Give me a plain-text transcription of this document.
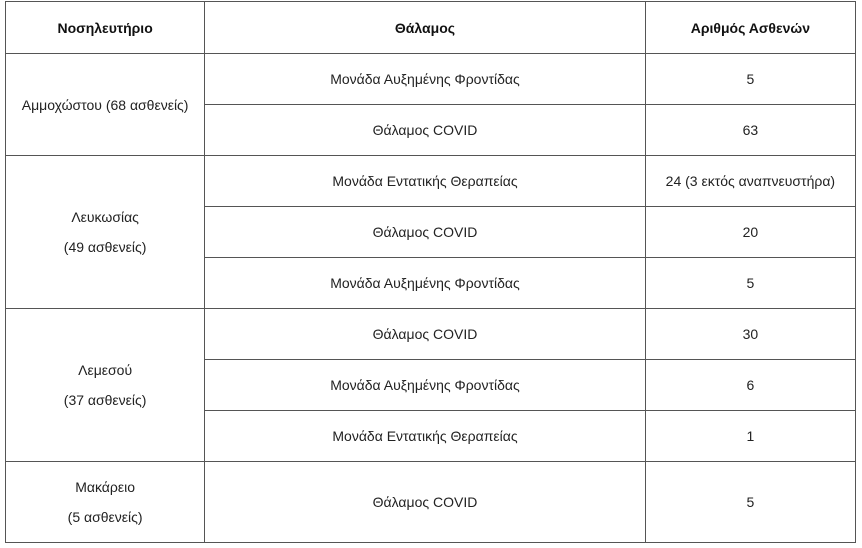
Νοσηλευτήριο	Θάλαμος	Αριθμός Ασθενών

Αμμοχώστου (68 ασθενείς)	Μονάδα Αυξημένης Φροντίδας	5
	Θάλαμος COVID	63

Λευκωσίας
(49 ασθενείς)	Μονάδα Εντατικής Θεραπείας	24 (3 εκτός αναπνευστήρα)
	Θάλαμος COVID	20
	Μονάδα Αυξημένης Φροντίδας	5

Λεμεσού
(37 ασθενείς)	Θάλαμος COVID	30
	Μονάδα Αυξημένης Φροντίδας	6
	Μονάδα Εντατικής Θεραπείας	1

Μακάρειο
(5 ασθενείς)	Θάλαμος COVID	5
